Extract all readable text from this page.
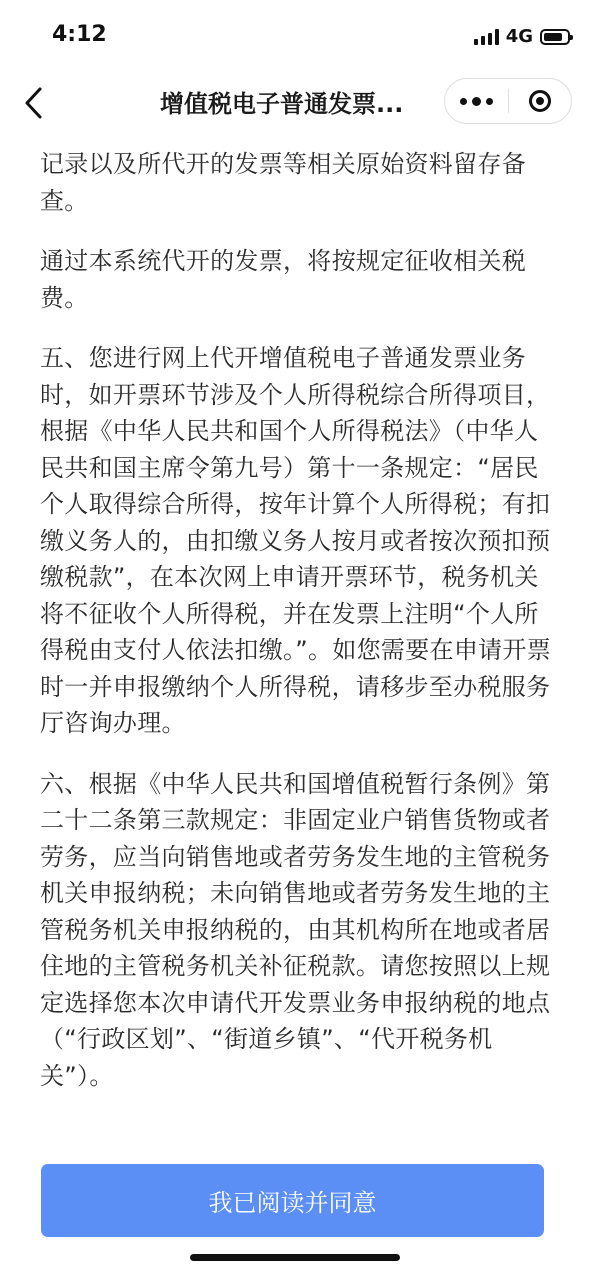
4:12	4G
增值税电子普通发票...

记录以及所代开的发票等相关原始资料留存备查。

通过本系统代开的发票，将按规定征收相关税费。

五、您进行网上代开增值税电子普通发票业务时，如开票环节涉及个人所得税综合所得项目，根据《中华人民共和国个人所得税法》（中华人民共和国主席令第九号）第十一条规定：“居民个人取得综合所得，按年计算个人所得税；有扣缴义务人的，由扣缴义务人按月或者按次预扣预缴税款”，在本次网上申请开票环节，税务机关将不征收个人所得税，并在发票上注明“个人所得税由支付人依法扣缴。”。如您需要在申请开票时一并申报缴纳个人所得税，请移步至办税服务厅咨询办理。

六、根据《中华人民共和国增值税暂行条例》第二十二条第三款规定：非固定业户销售货物或者劳务，应当向销售地或者劳务发生地的主管税务机关申报纳税；未向销售地或者劳务发生地的主管税务机关申报纳税的，由其机构所在地或者居住地的主管税务机关补征税款。请您按照以上规定选择您本次申请代开发票业务申报纳税的地点（“行政区划”、“街道乡镇”、“代开税务机关”）。

我已阅读并同意
